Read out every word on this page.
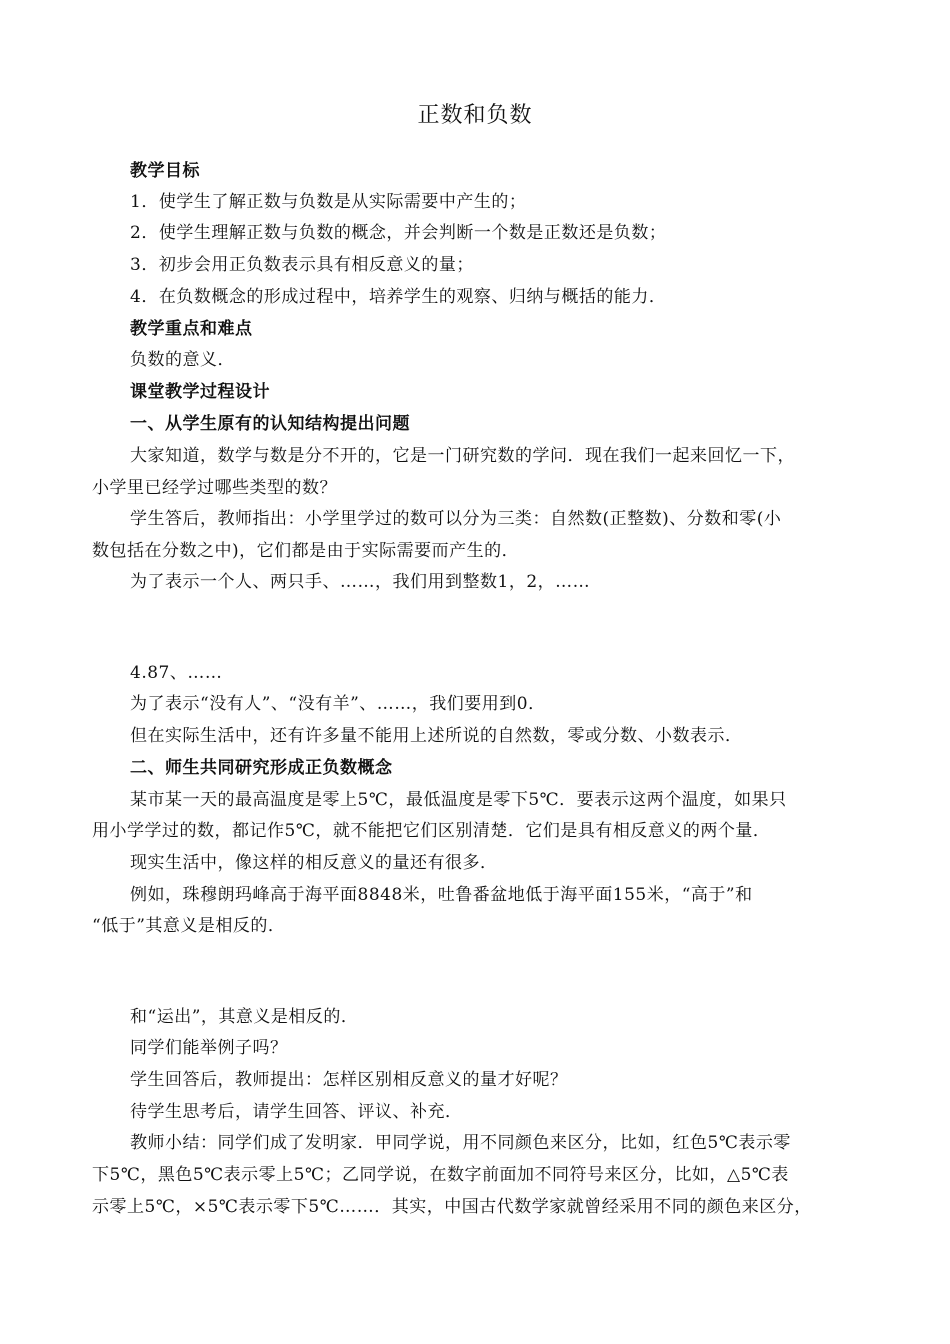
正数和负数
教学目标
1．使学生了解正数与负数是从实际需要中产生的；
2．使学生理解正数与负数的概念，并会判断一个数是正数还是负数；
3．初步会用正负数表示具有相反意义的量；
4．在负数概念的形成过程中，培养学生的观察、归纳与概括的能力．
教学重点和难点
负数的意义．
课堂教学过程设计
一、从学生原有的认知结构提出问题
大家知道，数学与数是分不开的，它是一门研究数的学问．现在我们一起来回忆一下，
小学里已经学过哪些类型的数？
学生答后，教师指出：小学里学过的数可以分为三类：自然数(正整数)、分数和零(小
数包括在分数之中)，它们都是由于实际需要而产生的．
为了表示一个人、两只手、……，我们用到整数1，2，……
4.87、……
为了表示“没有人”、“没有羊”、……，我们要用到0．
但在实际生活中，还有许多量不能用上述所说的自然数，零或分数、小数表示．
二、师生共同研究形成正负数概念
某市某一天的最高温度是零上5℃，最低温度是零下5℃．要表示这两个温度，如果只
用小学学过的数，都记作5℃，就不能把它们区别清楚．它们是具有相反意义的两个量．
现实生活中，像这样的相反意义的量还有很多．
例如，珠穆朗玛峰高于海平面8848米，吐鲁番盆地低于海平面155米，“高于”和
“低于”其意义是相反的．
和“运出”，其意义是相反的．
同学们能举例子吗？
学生回答后，教师提出：怎样区别相反意义的量才好呢？
待学生思考后，请学生回答、评议、补充．
教师小结：同学们成了发明家．甲同学说，用不同颜色来区分，比如，红色5℃表示零
下5℃，黑色5℃表示零上5℃；乙同学说，在数字前面加不同符号来区分，比如，△5℃表
示零上5℃，×5℃表示零下5℃……．其实，中国古代数学家就曾经采用不同的颜色来区分，
